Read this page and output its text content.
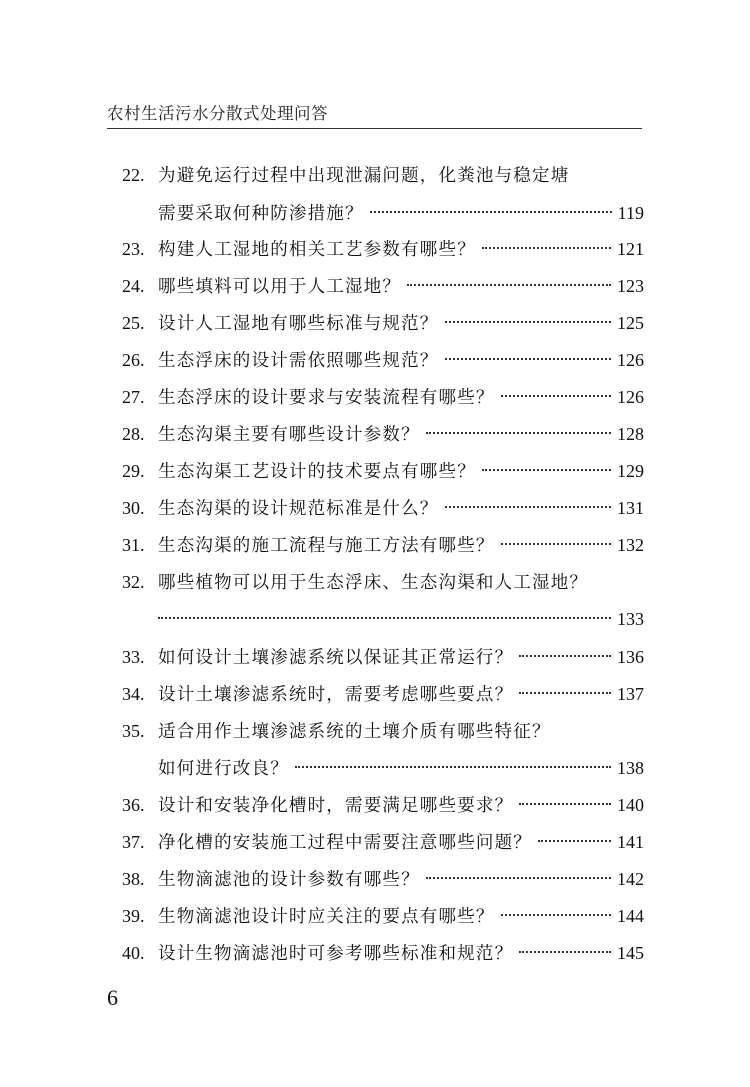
农村生活污水分散式处理问答
22. 为避免运行过程中出现泄漏问题，化粪池与稳定塘
需要采取何种防渗措施？	119
23. 构建人工湿地的相关工艺参数有哪些？	121
24. 哪些填料可以用于人工湿地？	123
25. 设计人工湿地有哪些标准与规范？	125
26. 生态浮床的设计需依照哪些规范？	126
27. 生态浮床的设计要求与安装流程有哪些？	126
28. 生态沟渠主要有哪些设计参数？	128
29. 生态沟渠工艺设计的技术要点有哪些？	129
30. 生态沟渠的设计规范标准是什么？	131
31. 生态沟渠的施工流程与施工方法有哪些？	132
32. 哪些植物可以用于生态浮床、生态沟渠和人工湿地？
133
33. 如何设计土壤渗滤系统以保证其正常运行？	136
34. 设计土壤渗滤系统时，需要考虑哪些要点？	137
35. 适合用作土壤渗滤系统的土壤介质有哪些特征？
如何进行改良？	138
36. 设计和安装净化槽时，需要满足哪些要求？	140
37. 净化槽的安装施工过程中需要注意哪些问题？	141
38. 生物滴滤池的设计参数有哪些？	142
39. 生物滴滤池设计时应关注的要点有哪些？	144
40. 设计生物滴滤池时可参考哪些标准和规范？	145
6
